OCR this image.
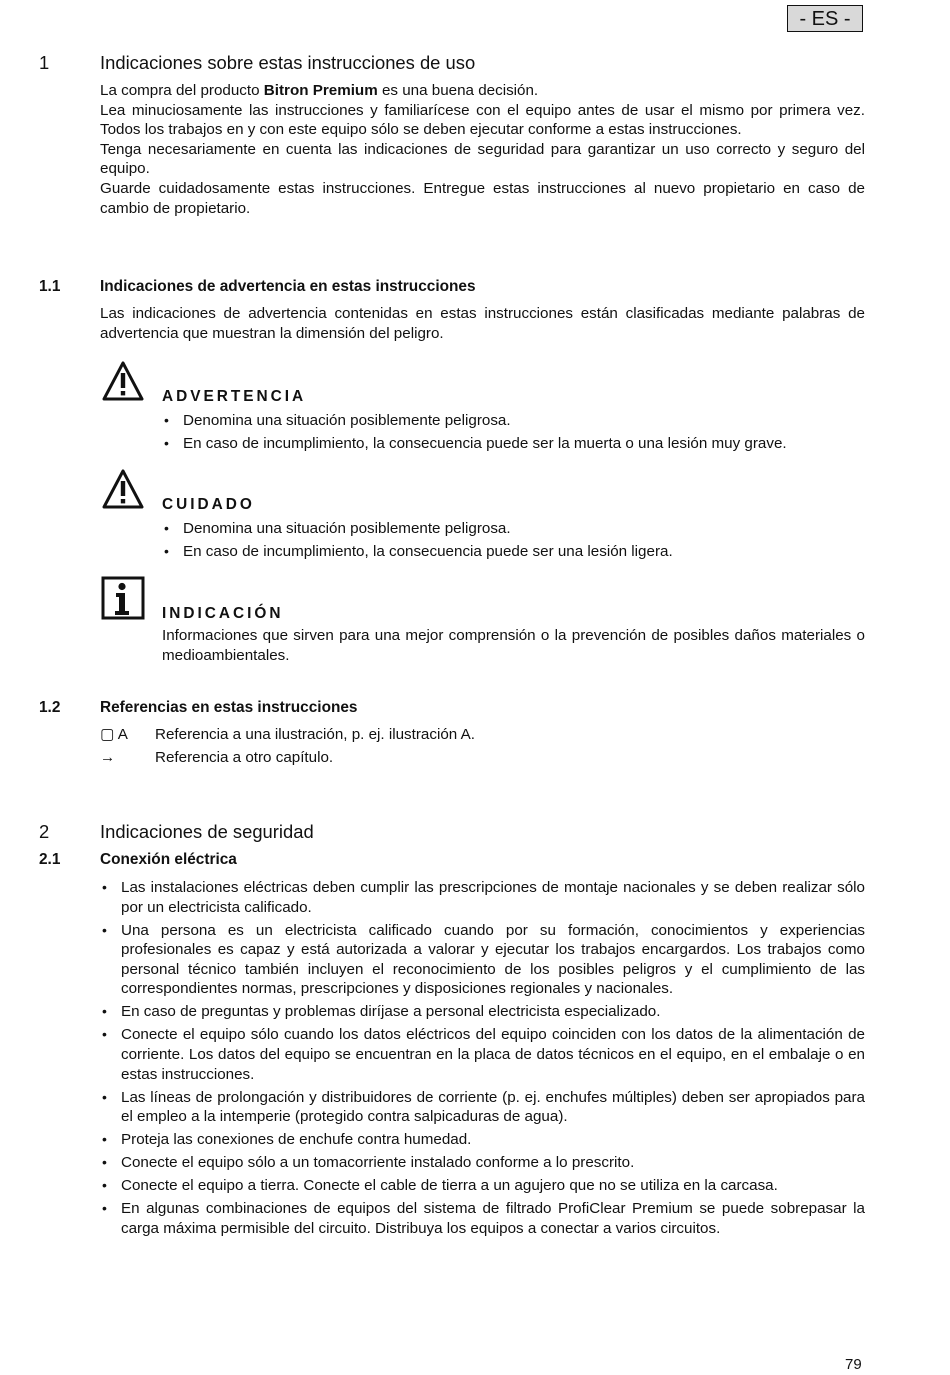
- ES -
1	Indicaciones sobre estas instrucciones de uso

La compra del producto Bitron Premium es una buena decisión.

Lea minuciosamente las instrucciones y familiarícese con el equipo antes de usar el mismo por primera vez. Todos los trabajos en y con este equipo sólo se deben ejecutar conforme a estas instrucciones.

Tenga necesariamente en cuenta las indicaciones de seguridad para garantizar un uso correcto y seguro del equipo.

Guarde cuidadosamente estas instrucciones. Entregue estas instrucciones al nuevo propietario en caso de cambio de propietario.

1.1	Indicaciones de advertencia en estas instrucciones
Las indicaciones de advertencia contenidas en estas instrucciones están clasificadas mediante palabras de advertencia que muestran la dimensión del peligro.
ADVERTENCIA
• Denomina una situación posiblemente peligrosa.
• En caso de incumplimiento, la consecuencia puede ser la muerta o una lesión muy grave.
CUIDADO
• Denomina una situación posiblemente peligrosa.
• En caso de incumplimiento, la consecuencia puede ser una lesión ligera.
INDICACIÓN
Informaciones que sirven para una mejor comprensión o la prevención de posibles daños materiales o medioambientales.
1.2	Referencias en estas instrucciones
▢ A Referencia a una ilustración, p. ej. ilustración A.
→	Referencia a otro capítulo.
2	Indicaciones de seguridad
2.1	Conexión eléctrica
• Las instalaciones eléctricas deben cumplir las prescripciones de montaje nacionales y se deben realizar sólo por un electricista calificado.
• Una persona es un electricista calificado cuando por su formación, conocimientos y experiencias profesionales es capaz y está autorizada a valorar y ejecutar los trabajos encargardos. Los trabajos como personal técnico también incluyen el reconocimiento de los posibles peligros y el cumplimiento de las correspondientes normas, prescripciones y disposiciones regionales y nacionales.
• En caso de preguntas y problemas diríjase a personal electricista especializado.
• Conecte el equipo sólo cuando los datos eléctricos del equipo coinciden con los datos de la alimentación de corriente. Los datos del equipo se encuentran en la placa de datos técnicos en el equipo, en el embalaje o en estas instrucciones.
• Las líneas de prolongación y distribuidores de corriente (p. ej. enchufes múltiples) deben ser apropiados para el empleo a la intemperie (protegido contra salpicaduras de agua).
• Proteja las conexiones de enchufe contra humedad.
• Conecte el equipo sólo a un tomacorriente instalado conforme a lo prescrito.
• Conecte el equipo a tierra. Conecte el cable de tierra a un agujero que no se utiliza en la carcasa.
• En algunas combinaciones de equipos del sistema de filtrado ProfiClear Premium se puede sobrepasar la carga máxima permisible del circuito. Distribuya los equipos a conectar a varios circuitos.
79
